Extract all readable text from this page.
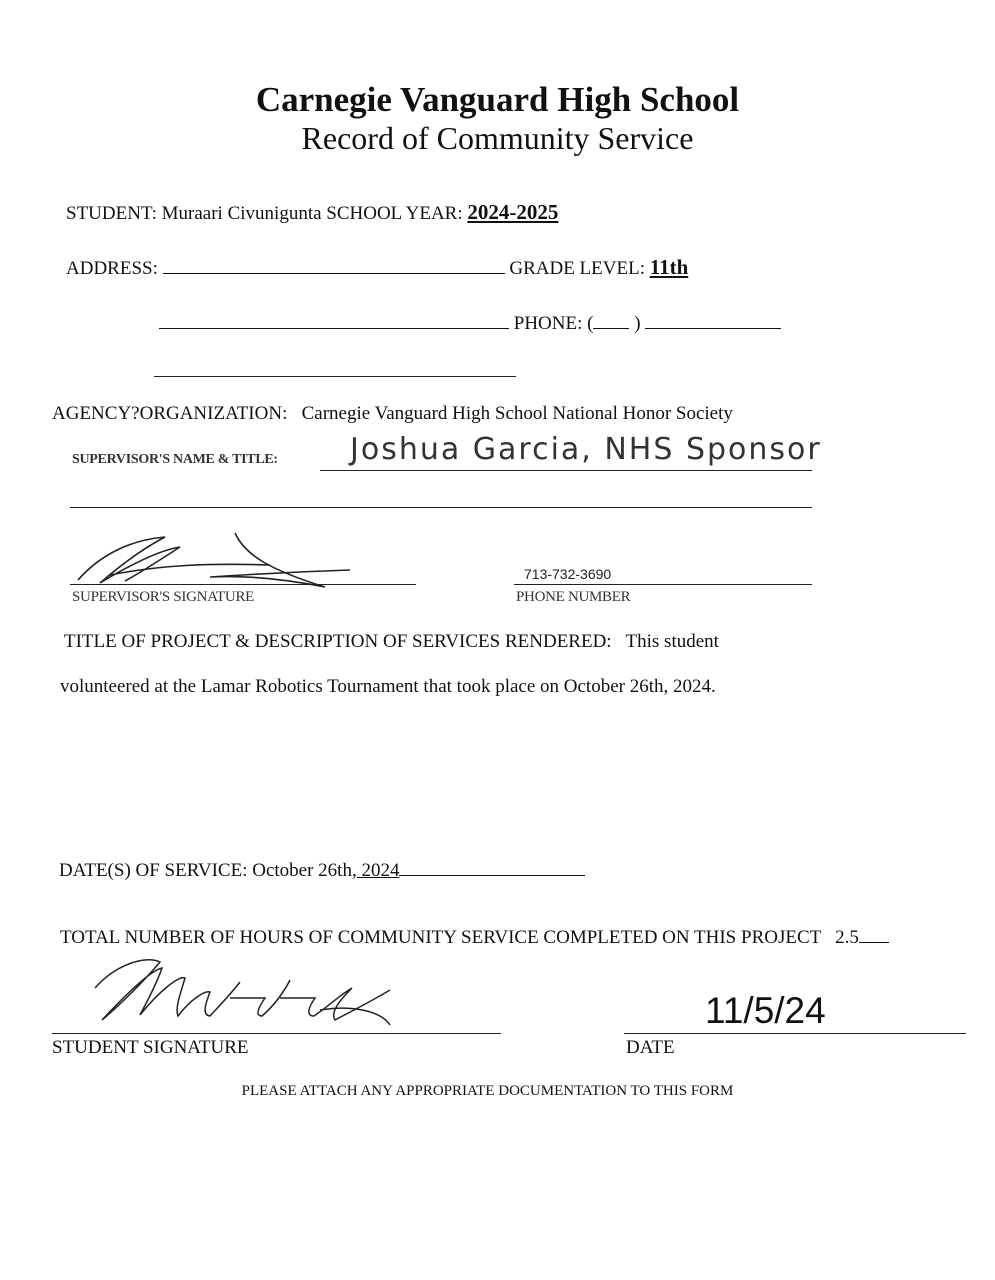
Carnegie Vanguard High School
Record of Community Service
STUDENT: Muraari Civunigunta SCHOOL YEAR: 2024-2025
ADDRESS:	GRADE LEVEL: 11th
PHONE: ( )
AGENCY?ORGANIZATION: Carnegie Vanguard High School National Honor Society
SUPERVISOR'S NAME & TITLE: Joshua Garcia, NHS Sponsor
SUPERVISOR'S SIGNATURE
713-732-3690
PHONE NUMBER
TITLE OF PROJECT & DESCRIPTION OF SERVICES RENDERED: This student
volunteered at the Lamar Robotics Tournament that took place on October 26th, 2024.
DATE(S) OF SERVICE: October 26th, 2024
TOTAL NUMBER OF HOURS OF COMMUNITY SERVICE COMPLETED ON THIS PROJECT 2.5
STUDENT SIGNATURE
11/5/24
DATE
PLEASE ATTACH ANY APPROPRIATE DOCUMENTATION TO THIS FORM
